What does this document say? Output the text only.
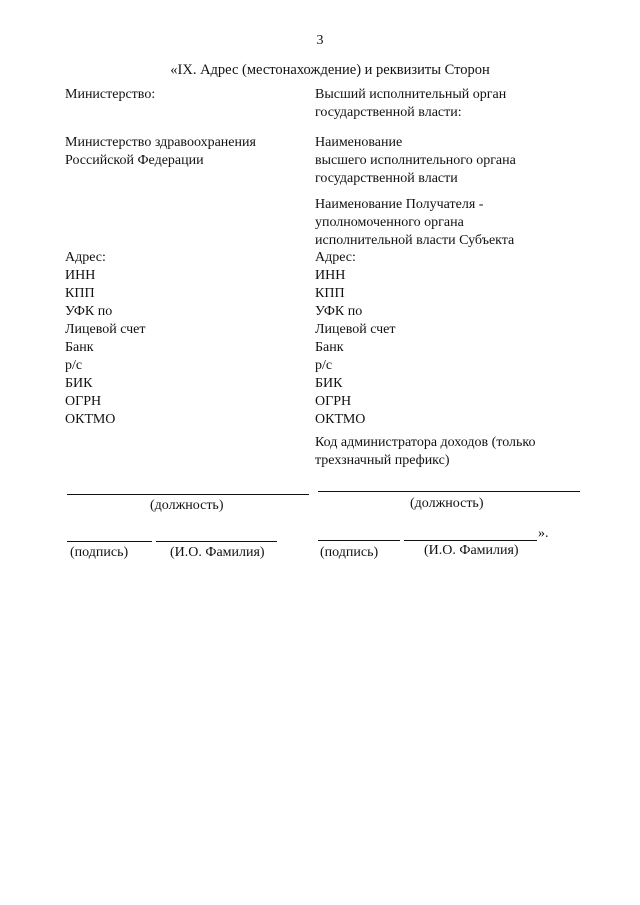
3
«IX. Адрес (местонахождение) и реквизиты Сторон
Министерство:
Министерство здравоохранения
Российской Федерации
Адрес:
ИНН
КПП
УФК по
Лицевой счет
Банк
р/с
БИК
ОГРН
ОКТМО
Высший исполнительный орган
государственной власти:
Наименование
высшего исполнительного органа
государственной власти
Наименование Получателя -
уполномоченного органа
исполнительной власти Субъекта
Адрес:
ИНН
КПП
УФК по
Лицевой счет
Банк
р/с
БИК
ОГРН
ОКТМО
Код администратора доходов (только
трехзначный префикс)
(должность)
(подпись)	(И.О. Фамилия)
(должность)
».
(подпись)	(И.О. Фамилия)
